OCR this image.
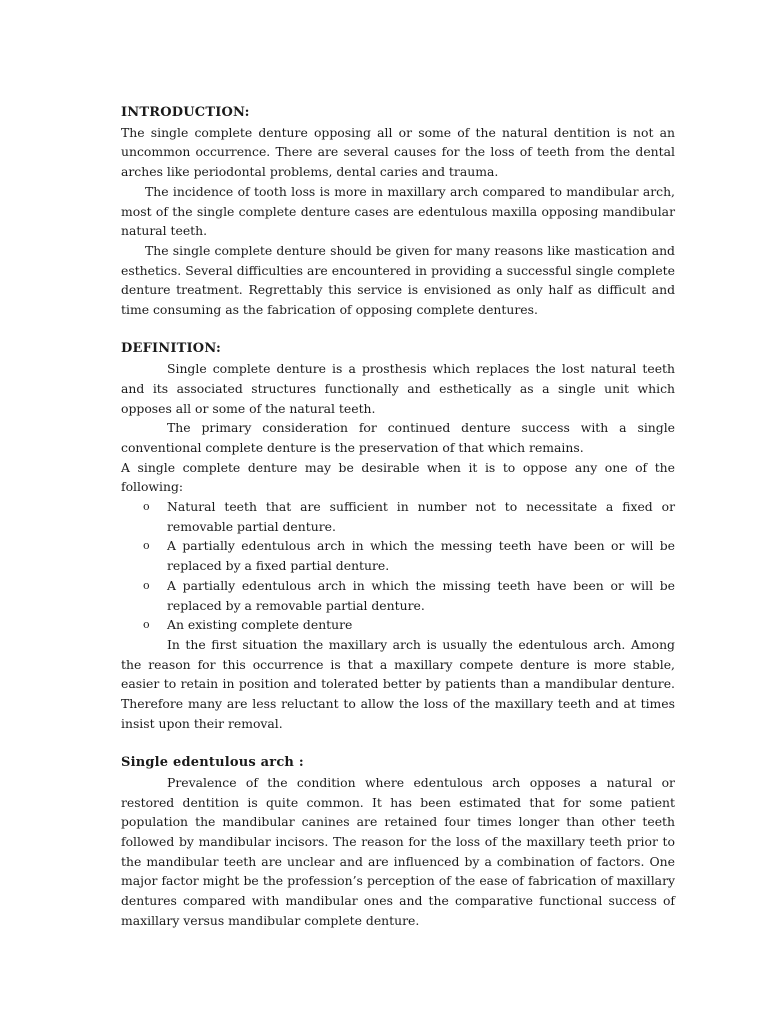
INTRODUCTION:

The single complete denture opposing all or some of the natural dentition is not an uncommon occurrence. There are several causes for the loss of teeth from the dental arches like periodontal problems, dental caries and trauma.

The incidence of tooth loss is more in maxillary arch compared to mandibular arch, most of the single complete denture cases are edentulous maxilla opposing mandibular natural teeth.

The single complete denture should be given for many reasons like mastication and esthetics. Several difficulties are encountered in providing a successful single complete denture treatment. Regrettably this service is envisioned as only half as difficult and time consuming as the fabrication of opposing complete dentures.

DEFINITION:

Single complete denture is a prosthesis which replaces the lost natural teeth and its associated structures functionally and esthetically as a single unit which opposes all or some of the natural teeth.

The primary consideration for continued denture success with a single conventional complete denture is the preservation of that which remains.

A single complete denture may be desirable when it is to oppose any one of the following:

o Natural teeth that are sufficient in number not to necessitate a fixed or removable partial denture.
o A partially edentulous arch in which the messing teeth have been or will be replaced by a fixed partial denture.
o A partially edentulous arch in which the missing teeth have been or will be replaced by a removable partial denture.
o An existing complete denture

In the first situation the maxillary arch is usually the edentulous arch. Among the reason for this occurrence is that a maxillary compete denture is more stable, easier to retain in position and tolerated better by patients than a mandibular denture. Therefore many are less reluctant to allow the loss of the maxillary teeth and at times insist upon their removal.

Single edentulous arch :

Prevalence of the condition where edentulous arch opposes a natural or restored dentition is quite common. It has been estimated that for some patient population the mandibular canines are retained four times longer than other teeth followed by mandibular incisors. The reason for the loss of the maxillary teeth prior to the mandibular teeth are unclear and are influenced by a combination of factors. One major factor might be the profession’s perception of the ease of fabrication of maxillary dentures compared with mandibular ones and the comparative functional success of maxillary versus mandibular complete denture.
